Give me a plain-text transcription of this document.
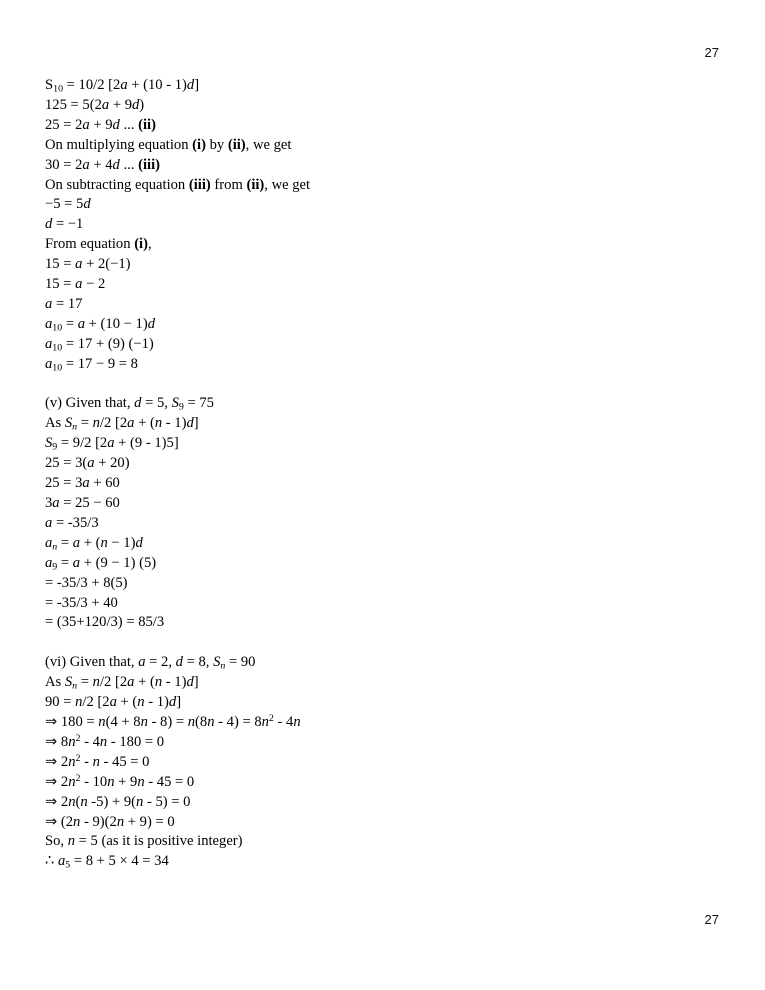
27
$S_{10} = 10/2$ [2a + (10 - 1)d]
125 = 5(2a + 9d)
25 = 2a + 9d ... (ii)
On multiplying equation (i) by (ii), we get
30 = 2a + 4d ... (iii)
On subtracting equation (iii) from (ii), we get
−5 = 5d
d = −1
From equation (i),
15 = a + 2(−1)
15 = a − 2
a = 17
$a_{10} = a + (10 - 1)d$
$a_{10} = 17 + (9)$ (−1)
$a_{10} = 17 - 9 = 8$
(v) Given that, d = 5, $S_9 = 75$
As $S_n = n/2$ [2a + (n - 1)d]
$S_9 = 9/2$ [2a + (9 - 1)5]
25 = 3(a + 20)
25 = 3a + 60
3a = 25 − 60
a = -35/3
$a_n = a + (n - 1)d$
$a_9 = a + (9 - 1)$ (5)
= -35/3 + 8(5)
= -35/3 + 40
= (35+120/3) = 85/3
(vi) Given that, a = 2, d = 8, $S_n = 90$
As $S_n = n/2$ [2a + (n - 1)d]
90 = n/2 [2a + (n - 1)d]
⇒ $180 = n(4 + 8n - 8) = n(8n - 4) = 8n^2 - 4n$
⇒ $8n^2 - 4n - 180 = 0$
⇒ $2n^2 - n - 45 = 0$
⇒ $2n^2 - 10n + 9n - 45 = 0$
⇒ 2n(n -5) + 9(n - 5) = 0
⇒ (2n - 9)(2n + 9) = 0
So, n = 5 (as it is positive integer)
∴ $a_5 = 8 + 5 \times 4 = 34$
27
